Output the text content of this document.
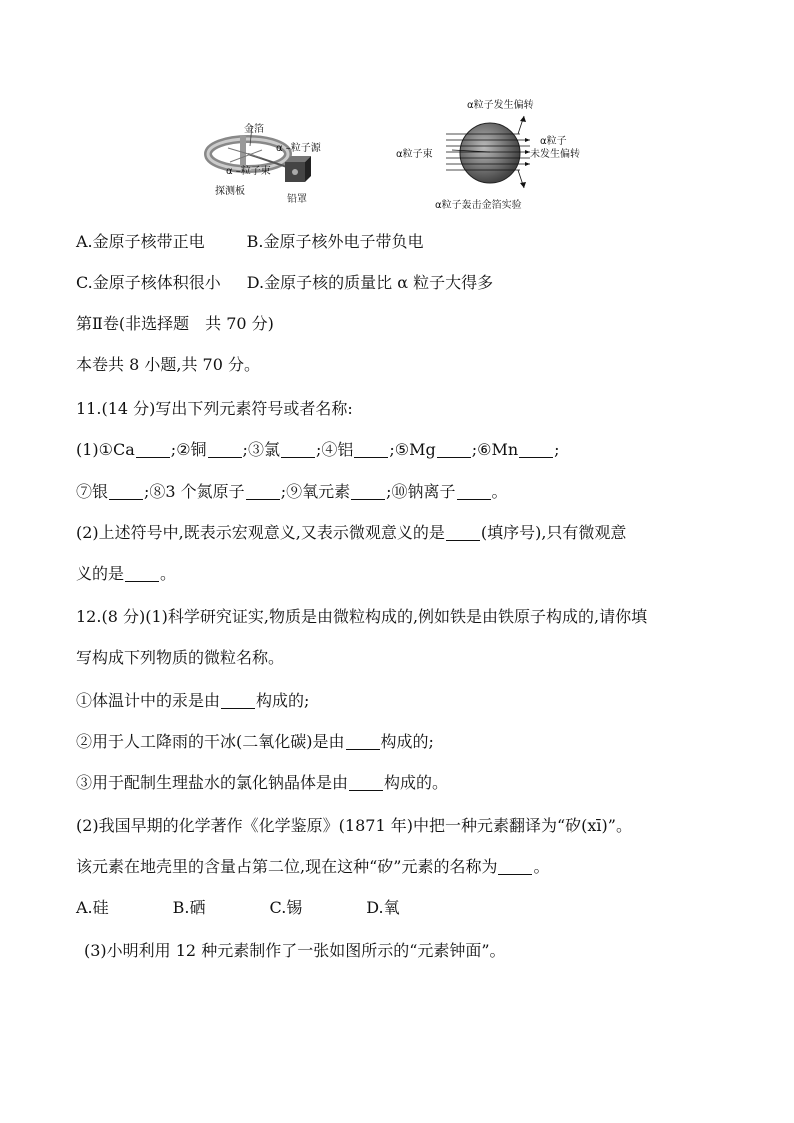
金箔
α –粒子源
α –粒子束
探测板
铅罩
α粒子发生偏转
α粒子束
α粒子
未发生偏转
α粒子轰击金箔实验
A.金原子核带正电	B.金原子核外电子带负电
C.金原子核体积很小 D.金原子核的质量比 α 粒子大得多
第Ⅱ卷(非选择题　共 70 分)
本卷共 8 小题,共 70 分。
11.(14 分)写出下列元素符号或者名称:
(1)①Ca ;②铜 ;③氯 ;④铝 ;⑤Mg ;⑥Mn ;
⑦银 ;⑧3 个氮原子 ;⑨氧元素 ;⑩钠离子 。
(2)上述符号中,既表示宏观意义,又表示微观意义的是 (填序号),只有微观意
义的是 。
12.(8 分)(1)科学研究证实,物质是由微粒构成的,例如铁是由铁原子构成的,请你填
写构成下列物质的微粒名称。
①体温计中的汞是由 构成的;
②用于人工降雨的干冰(二氧化碳)是由 构成的;
③用于配制生理盐水的氯化钠晶体是由 构成的。
(2)我国早期的化学著作《化学鉴原》(1871 年)中把一种元素翻译为“矽(xī)”。
该元素在地壳里的含量占第二位,现在这种“矽”元素的名称为 。
A.硅	B.硒	C.锡	D.氧
(3)小明利用 12 种元素制作了一张如图所示的“元素钟面”。
